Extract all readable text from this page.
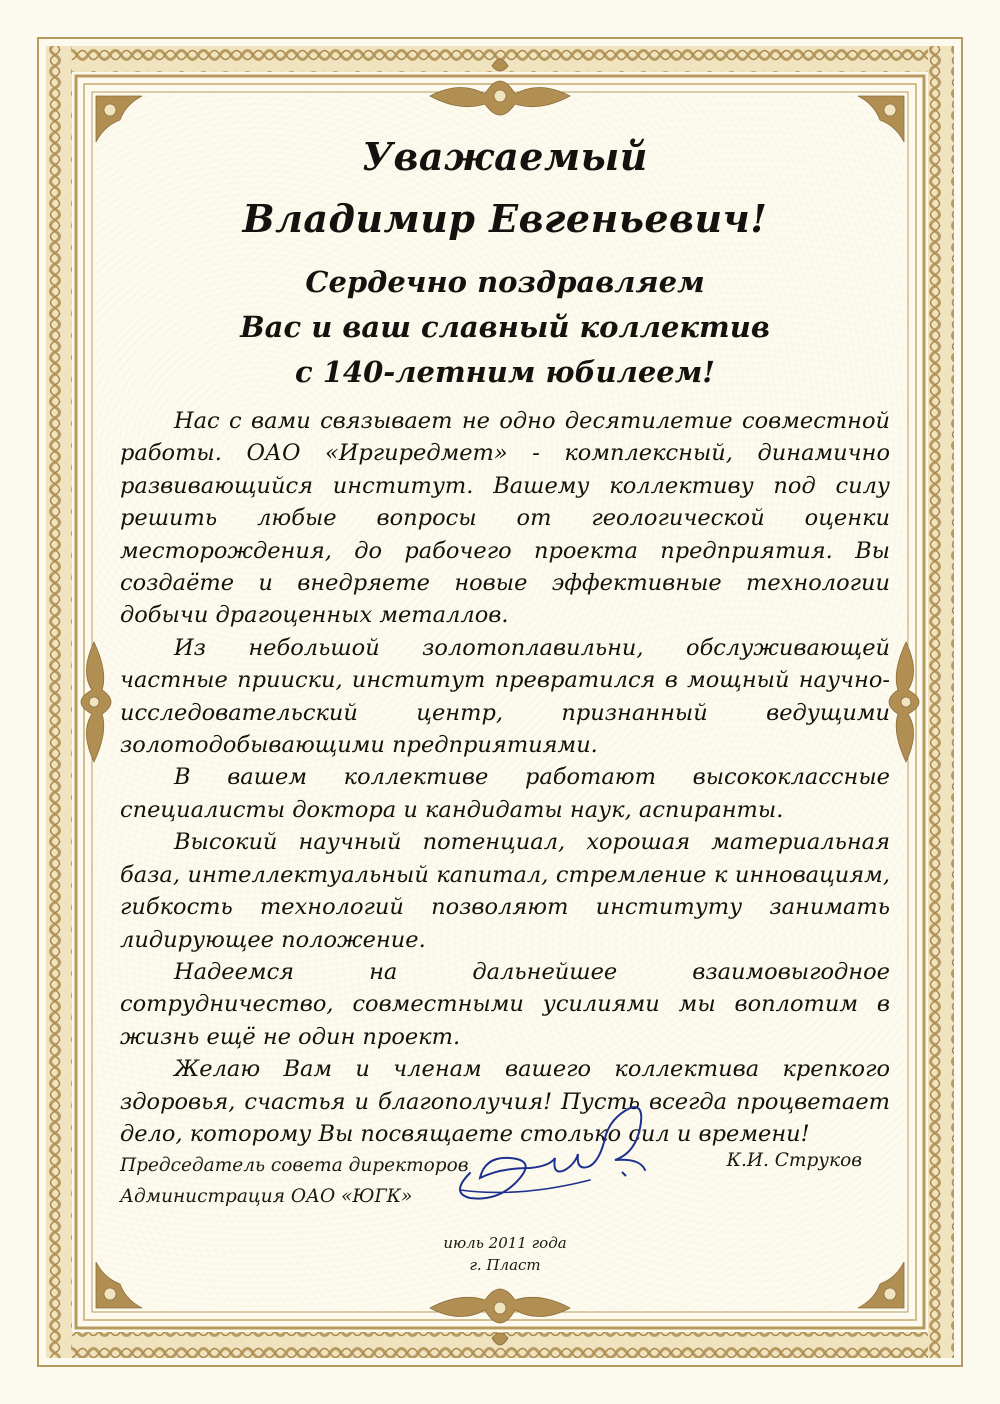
Уважаемый

Владимир Евгеньевич!

Сердечно поздравляем

Вас и ваш славный коллектив

с 140-летним юбилеем!

Нас с вами связывает не одно десятилетие совместной работы. ОАО «Иргиредмет» - комплексный, динамично развивающийся институт. Вашему коллективу под силу решить любые вопросы от геологической оценки месторождения, до рабочего проекта предприятия. Вы создаёте и внедряете новые эффективные технологии добычи драгоценных металлов.

Из небольшой золотоплавильни, обслуживающей частные прииски, институт превратился в мощный научно-исследовательский центр, признанный ведущими золотодобывающими предприятиями.

В вашем коллективе работают высококлассные специалисты доктора и кандидаты наук, аспиранты.

Высокий научный потенциал, хорошая материальная база, интеллектуальный капитал, стремление к инновациям, гибкость технологий позволяют институту занимать лидирующее положение.

Надеемся на дальнейшее взаимовыгодное сотрудничество, совместными усилиями мы воплотим в жизнь ещё не один проект.

Желаю Вам и членам вашего коллектива крепкого здоровья, счастья и благополучия! Пусть всегда процветает дело, которому Вы посвящаете столько сил и времени!

Председатель совета директоров
Администрация ОАО «ЮГК»
К.И. Струков
июль 2011 года
г. Пласт
